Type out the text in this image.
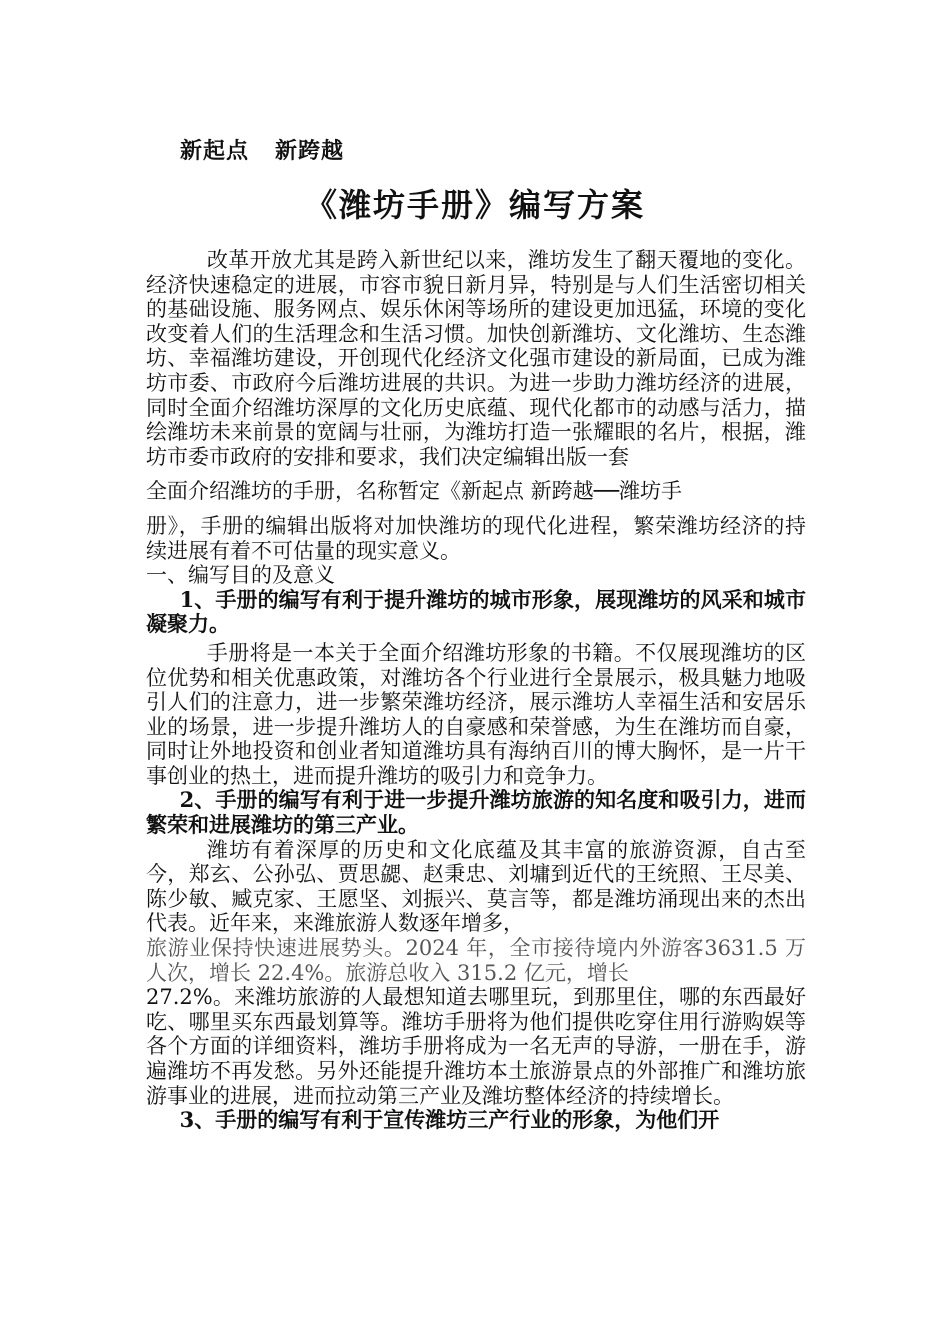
新起点 新跨越
《潍坊手册》编写方案

改革开放尤其是跨入新世纪以来，潍坊发生了翻天覆地的变化。经济快速稳定的进展，市容市貌日新月异，特别是与人们生活密切相关的基础设施、服务网点、娱乐休闲等场所的建设更加迅猛，环境的变化改变着人们的生活理念和生活习惯。加快创新潍坊、文化潍坊、生态潍坊、幸福潍坊建设，开创现代化经济文化强市建设的新局面，已成为潍坊市委、市政府今后潍坊进展的共识。为进一步助力潍坊经济的进展，同时全面介绍潍坊深厚的文化历史底蕴、现代化都市的动感与活力，描绘潍坊未来前景的宽阔与壮丽，为潍坊打造一张耀眼的名片，根据，潍坊市委市政府的安排和要求，我们决定编辑出版一套

全面介绍潍坊的手册，名称暂定《新起点 新跨越──潍坊手

册》，手册的编辑出版将对加快潍坊的现代化进程，繁荣潍坊经济的持续进展有着不可估量的现实意义。

一、编写目的及意义

1、手册的编写有利于提升潍坊的城市形象，展现潍坊的风采和城市凝聚力。

手册将是一本关于全面介绍潍坊形象的书籍。不仅展现潍坊的区位优势和相关优惠政策，对潍坊各个行业进行全景展示，极具魅力地吸引人们的注意力，进一步繁荣潍坊经济，展示潍坊人幸福生活和安居乐业的场景，进一步提升潍坊人的自豪感和荣誉感，为生在潍坊而自豪，同时让外地投资和创业者知道潍坊具有海纳百川的博大胸怀，是一片干事创业的热土，进而提升潍坊的吸引力和竞争力。

2、手册的编写有利于进一步提升潍坊旅游的知名度和吸引力，进而繁荣和进展潍坊的第三产业。

潍坊有着深厚的历史和文化底蕴及其丰富的旅游资源，自古至今，郑玄、公孙弘、贾思勰、赵秉忠、刘墉到近代的王统照、王尽美、陈少敏、臧克家、王愿坚、刘振兴、莫言等，都是潍坊涌现出来的杰出代表。近年来，来潍旅游人数逐年增多，

旅游业保持快速进展势头。2024 年，全市接待境内外游客3631.5 万人次，增长 22.4%。旅游总收入 315.2 亿元，增长

27.2%。来潍坊旅游的人最想知道去哪里玩，到那里住，哪的东西最好吃、哪里买东西最划算等。潍坊手册将为他们提供吃穿住用行游购娱等各个方面的详细资料，潍坊手册将成为一名无声的导游，一册在手，游遍潍坊不再发愁。另外还能提升潍坊本土旅游景点的外部推广和潍坊旅游事业的进展，进而拉动第三产业及潍坊整体经济的持续增长。

3、手册的编写有利于宣传潍坊三产行业的形象，为他们开
